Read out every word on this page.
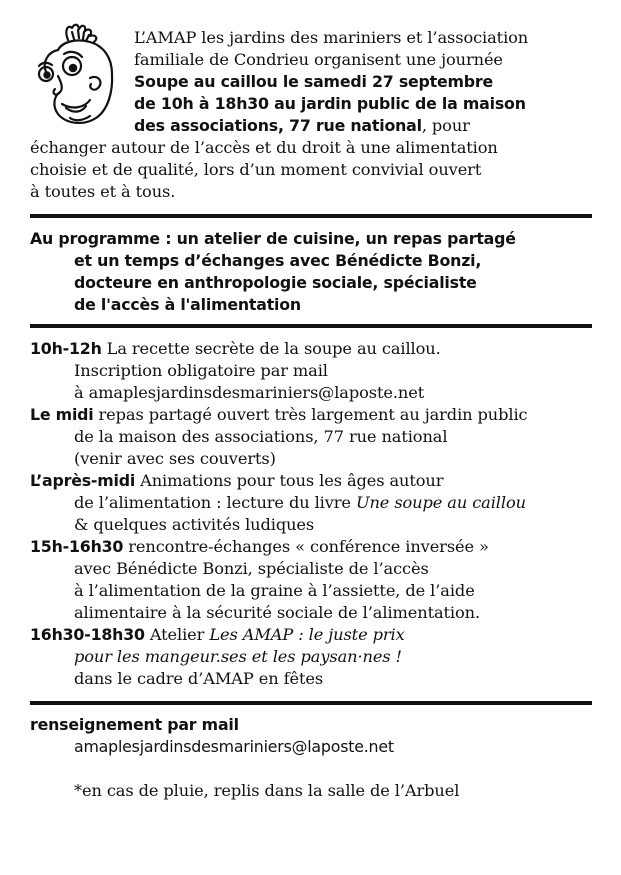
L’AMAP les jardins des mariniers et l’association
familiale de Condrieu organisent une journée
Soupe au caillou le samedi 27 septembre
de 10h à 18h30 au jardin public de la maison
des associations, 77 rue national, pour
échanger autour de l’accès et du droit à une alimentation
choisie et de qualité, lors d’un moment convivial ouvert
à toutes et à tous.
Au programme : un atelier de cuisine, un repas partagé
et un temps d’échanges avec Bénédicte Bonzi,
docteure en anthropologie sociale, spécialiste
de l'accès à l'alimentation
10h-12h La recette secrète de la soupe au caillou.
Inscription obligatoire par mail
à amaplesjardinsdesmariniers@laposte.net
Le midi repas partagé ouvert très largement au jardin public
de la maison des associations, 77 rue national
(venir avec ses couverts)
L’après-midi Animations pour tous les âges autour
de l’alimentation : lecture du livre Une soupe au caillou
& quelques activités ludiques
15h-16h30 rencontre-échanges « conférence inversée »
avec Bénédicte Bonzi, spécialiste de l’accès
à l’alimentation de la graine à l’assiette, de l’aide
alimentaire à la sécurité sociale de l’alimentation.
16h30-18h30 Atelier Les AMAP : le juste prix
pour les mangeur.ses et les paysan·nes !
dans le cadre d’AMAP en fêtes
renseignement par mail
amaplesjardinsdesmariniers@laposte.net
*en cas de pluie, replis dans la salle de l’Arbuel
